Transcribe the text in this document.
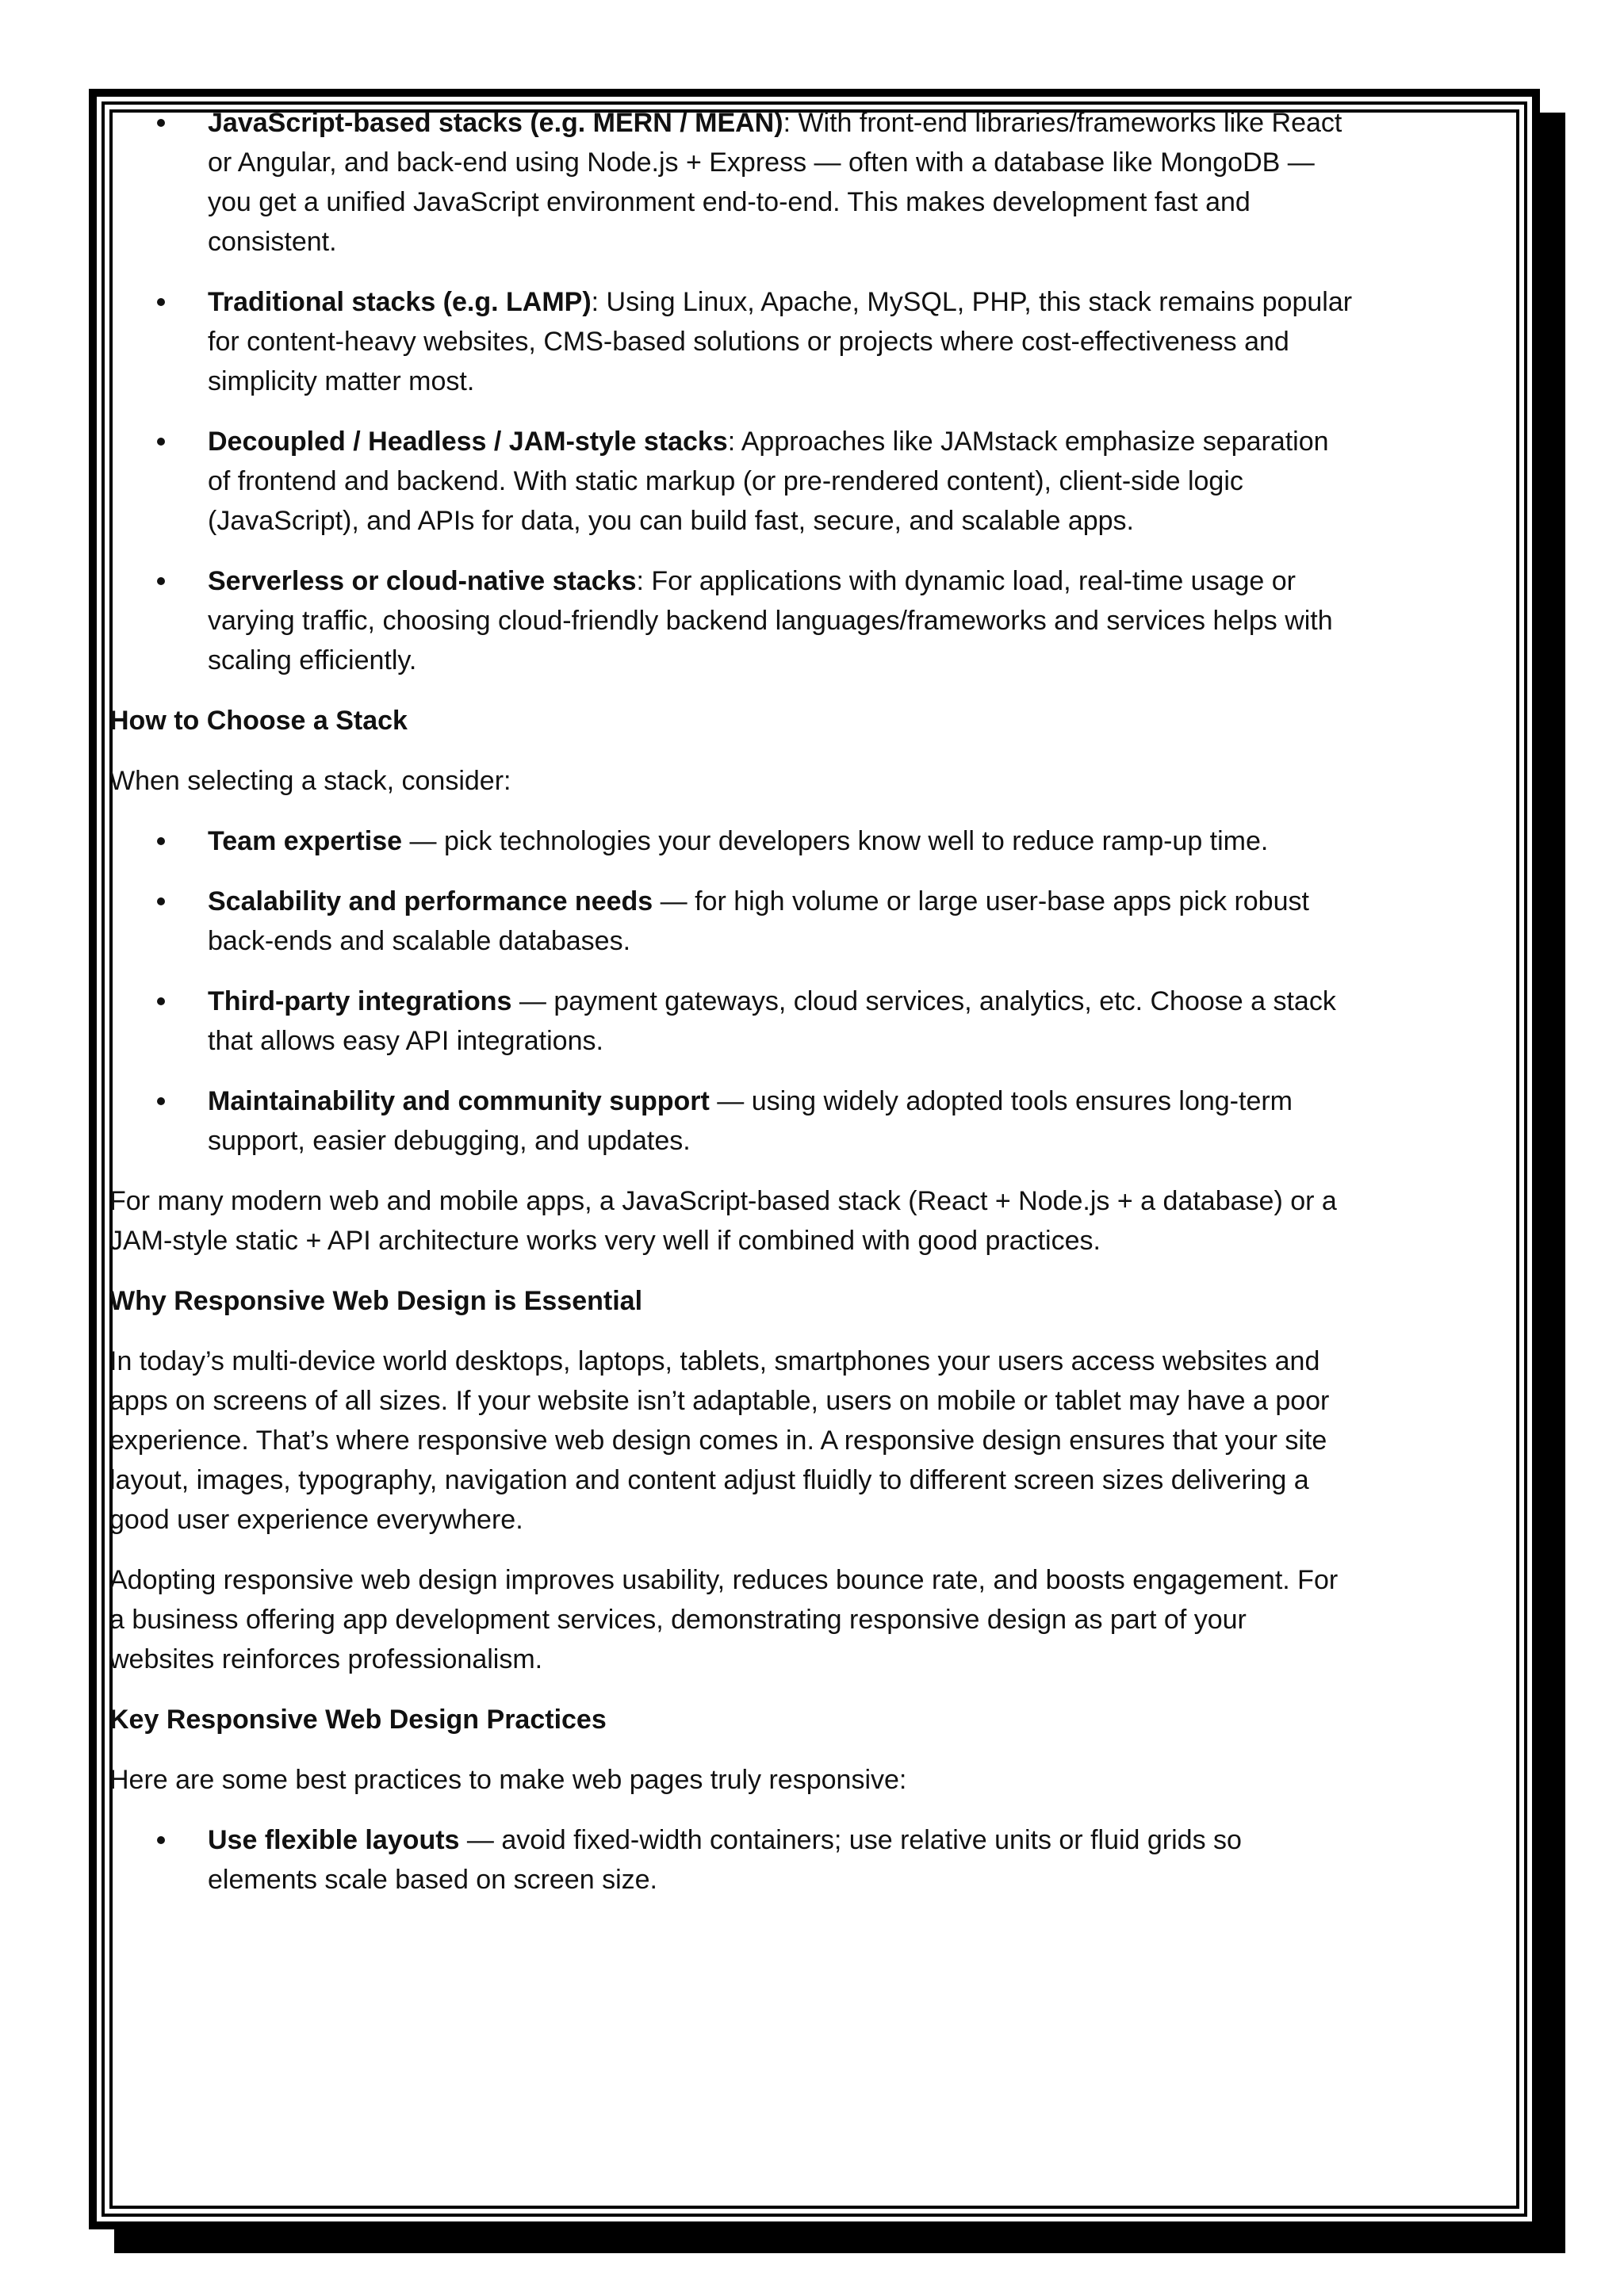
JavaScript-based stacks (e.g. MERN / MEAN): With front-end libraries/frameworks like React or Angular, and back-end using Node.js + Express — often with a database like MongoDB — you get a unified JavaScript environment end-to-end. This makes development fast and consistent.
Traditional stacks (e.g. LAMP): Using Linux, Apache, MySQL, PHP, this stack remains popular for content-heavy websites, CMS-based solutions or projects where cost-effectiveness and simplicity matter most.
Decoupled / Headless / JAM-style stacks: Approaches like JAMstack emphasize separation of frontend and backend. With static markup (or pre-rendered content), client-side logic (JavaScript), and APIs for data, you can build fast, secure, and scalable apps.
Serverless or cloud-native stacks: For applications with dynamic load, real-time usage or varying traffic, choosing cloud-friendly backend languages/frameworks and services helps with scaling efficiently.

How to Choose a Stack

When selecting a stack, consider:

Team expertise — pick technologies your developers know well to reduce ramp-up time.
Scalability and performance needs — for high volume or large user-base apps pick robust back-ends and scalable databases.
Third-party integrations — payment gateways, cloud services, analytics, etc. Choose a stack that allows easy API integrations.
Maintainability and community support — using widely adopted tools ensures long-term support, easier debugging, and updates.

For many modern web and mobile apps, a JavaScript-based stack (React + Node.js + a database) or a JAM-style static + API architecture works very well if combined with good practices.

Why Responsive Web Design is Essential

In today’s multi-device world desktops, laptops, tablets, smartphones your users access websites and apps on screens of all sizes. If your website isn’t adaptable, users on mobile or tablet may have a poor experience. That’s where responsive web design comes in. A responsive design ensures that your site layout, images, typography, navigation and content adjust fluidly to different screen sizes delivering a good user experience everywhere.

Adopting responsive web design improves usability, reduces bounce rate, and boosts engagement. For a business offering app development services, demonstrating responsive design as part of your websites reinforces professionalism.

Key Responsive Web Design Practices

Here are some best practices to make web pages truly responsive:

Use flexible layouts — avoid fixed-width containers; use relative units or fluid grids so elements scale based on screen size.
